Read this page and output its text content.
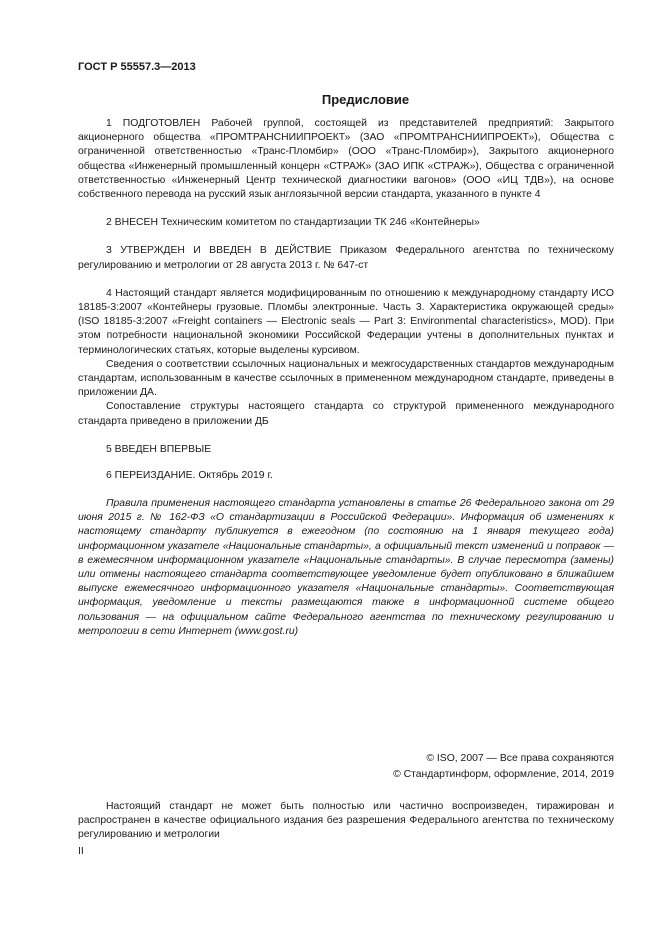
ГОСТ Р 55557.3—2013
Предисловие

1 ПОДГОТОВЛЕН Рабочей группой, состоящей из представителей предприятий: Закрытого акционерного общества «ПРОМТРАНСНИИПРОЕКТ» (ЗАО «ПРОМТРАНСНИИПРОЕКТ»), Общества с ограниченной ответственностью «Транс-Пломбир» (ООО «Транс-Пломбир»), Закрытого акционерного общества «Инженерный промышленный концерн «СТРАЖ» (ЗАО ИПК «СТРАЖ»), Общества с ограниченной ответственностью «Инженерный Центр технической диагностики вагонов» (ООО «ИЦ ТДВ»), на основе собственного перевода на русский язык англоязычной версии стандарта, указанного в пункте 4

2 ВНЕСЕН Техническим комитетом по стандартизации ТК 246 «Контейнеры»

3 УТВЕРЖДЕН И ВВЕДЕН В ДЕЙСТВИЕ Приказом Федерального агентства по техническому регулированию и метрологии от 28 августа 2013 г. № 647-ст

4 Настоящий стандарт является модифицированным по отношению к международному стандарту ИСО 18185-3:2007 «Контейнеры грузовые. Пломбы электронные. Часть 3. Характеристика окружающей среды» (ISO 18185-3:2007 «Freight containers — Electronic seals — Part 3: Environmental characteristics», MOD). При этом потребности национальной экономики Российской Федерации учтены в дополнительных пунктах и терминологических статьях, которые выделены курсивом.

Сведения о соответствии ссылочных национальных и межгосударственных стандартов международным стандартам, использованным в качестве ссылочных в примененном международном стандарте, приведены в приложении ДА.

Сопоставление структуры настоящего стандарта со структурой примененного международного стандарта приведено в приложении ДБ

5 ВВЕДЕН ВПЕРВЫЕ

6 ПЕРЕИЗДАНИЕ. Октябрь 2019 г.

Правила применения настоящего стандарта установлены в статье 26 Федерального закона от 29 июня 2015 г. № 162-ФЗ «О стандартизации в Российской Федерации». Информация об изменениях к настоящему стандарту публикуется в ежегодном (по состоянию на 1 января текущего года) информационном указателе «Национальные стандарты», а официальный текст изменений и поправок — в ежемесячном информационном указателе «Национальные стандарты». В случае пересмотра (замены) или отмены настоящего стандарта соответствующее уведомление будет опубликовано в ближайшем выпуске ежемесячного информационного указателя «Национальные стандарты». Соответствующая информация, уведомление и тексты размещаются также в информационной системе общего пользования — на официальном сайте Федерального агентства по техническому регулированию и метрологии в сети Интернет (www.gost.ru)
© ISO, 2007 — Все права сохраняются
© Стандартинформ, оформление, 2014, 2019
Настоящий стандарт не может быть полностью или частично воспроизведен, тиражирован и распространен в качестве официального издания без разрешения Федерального агентства по техническому регулированию и метрологии
II
